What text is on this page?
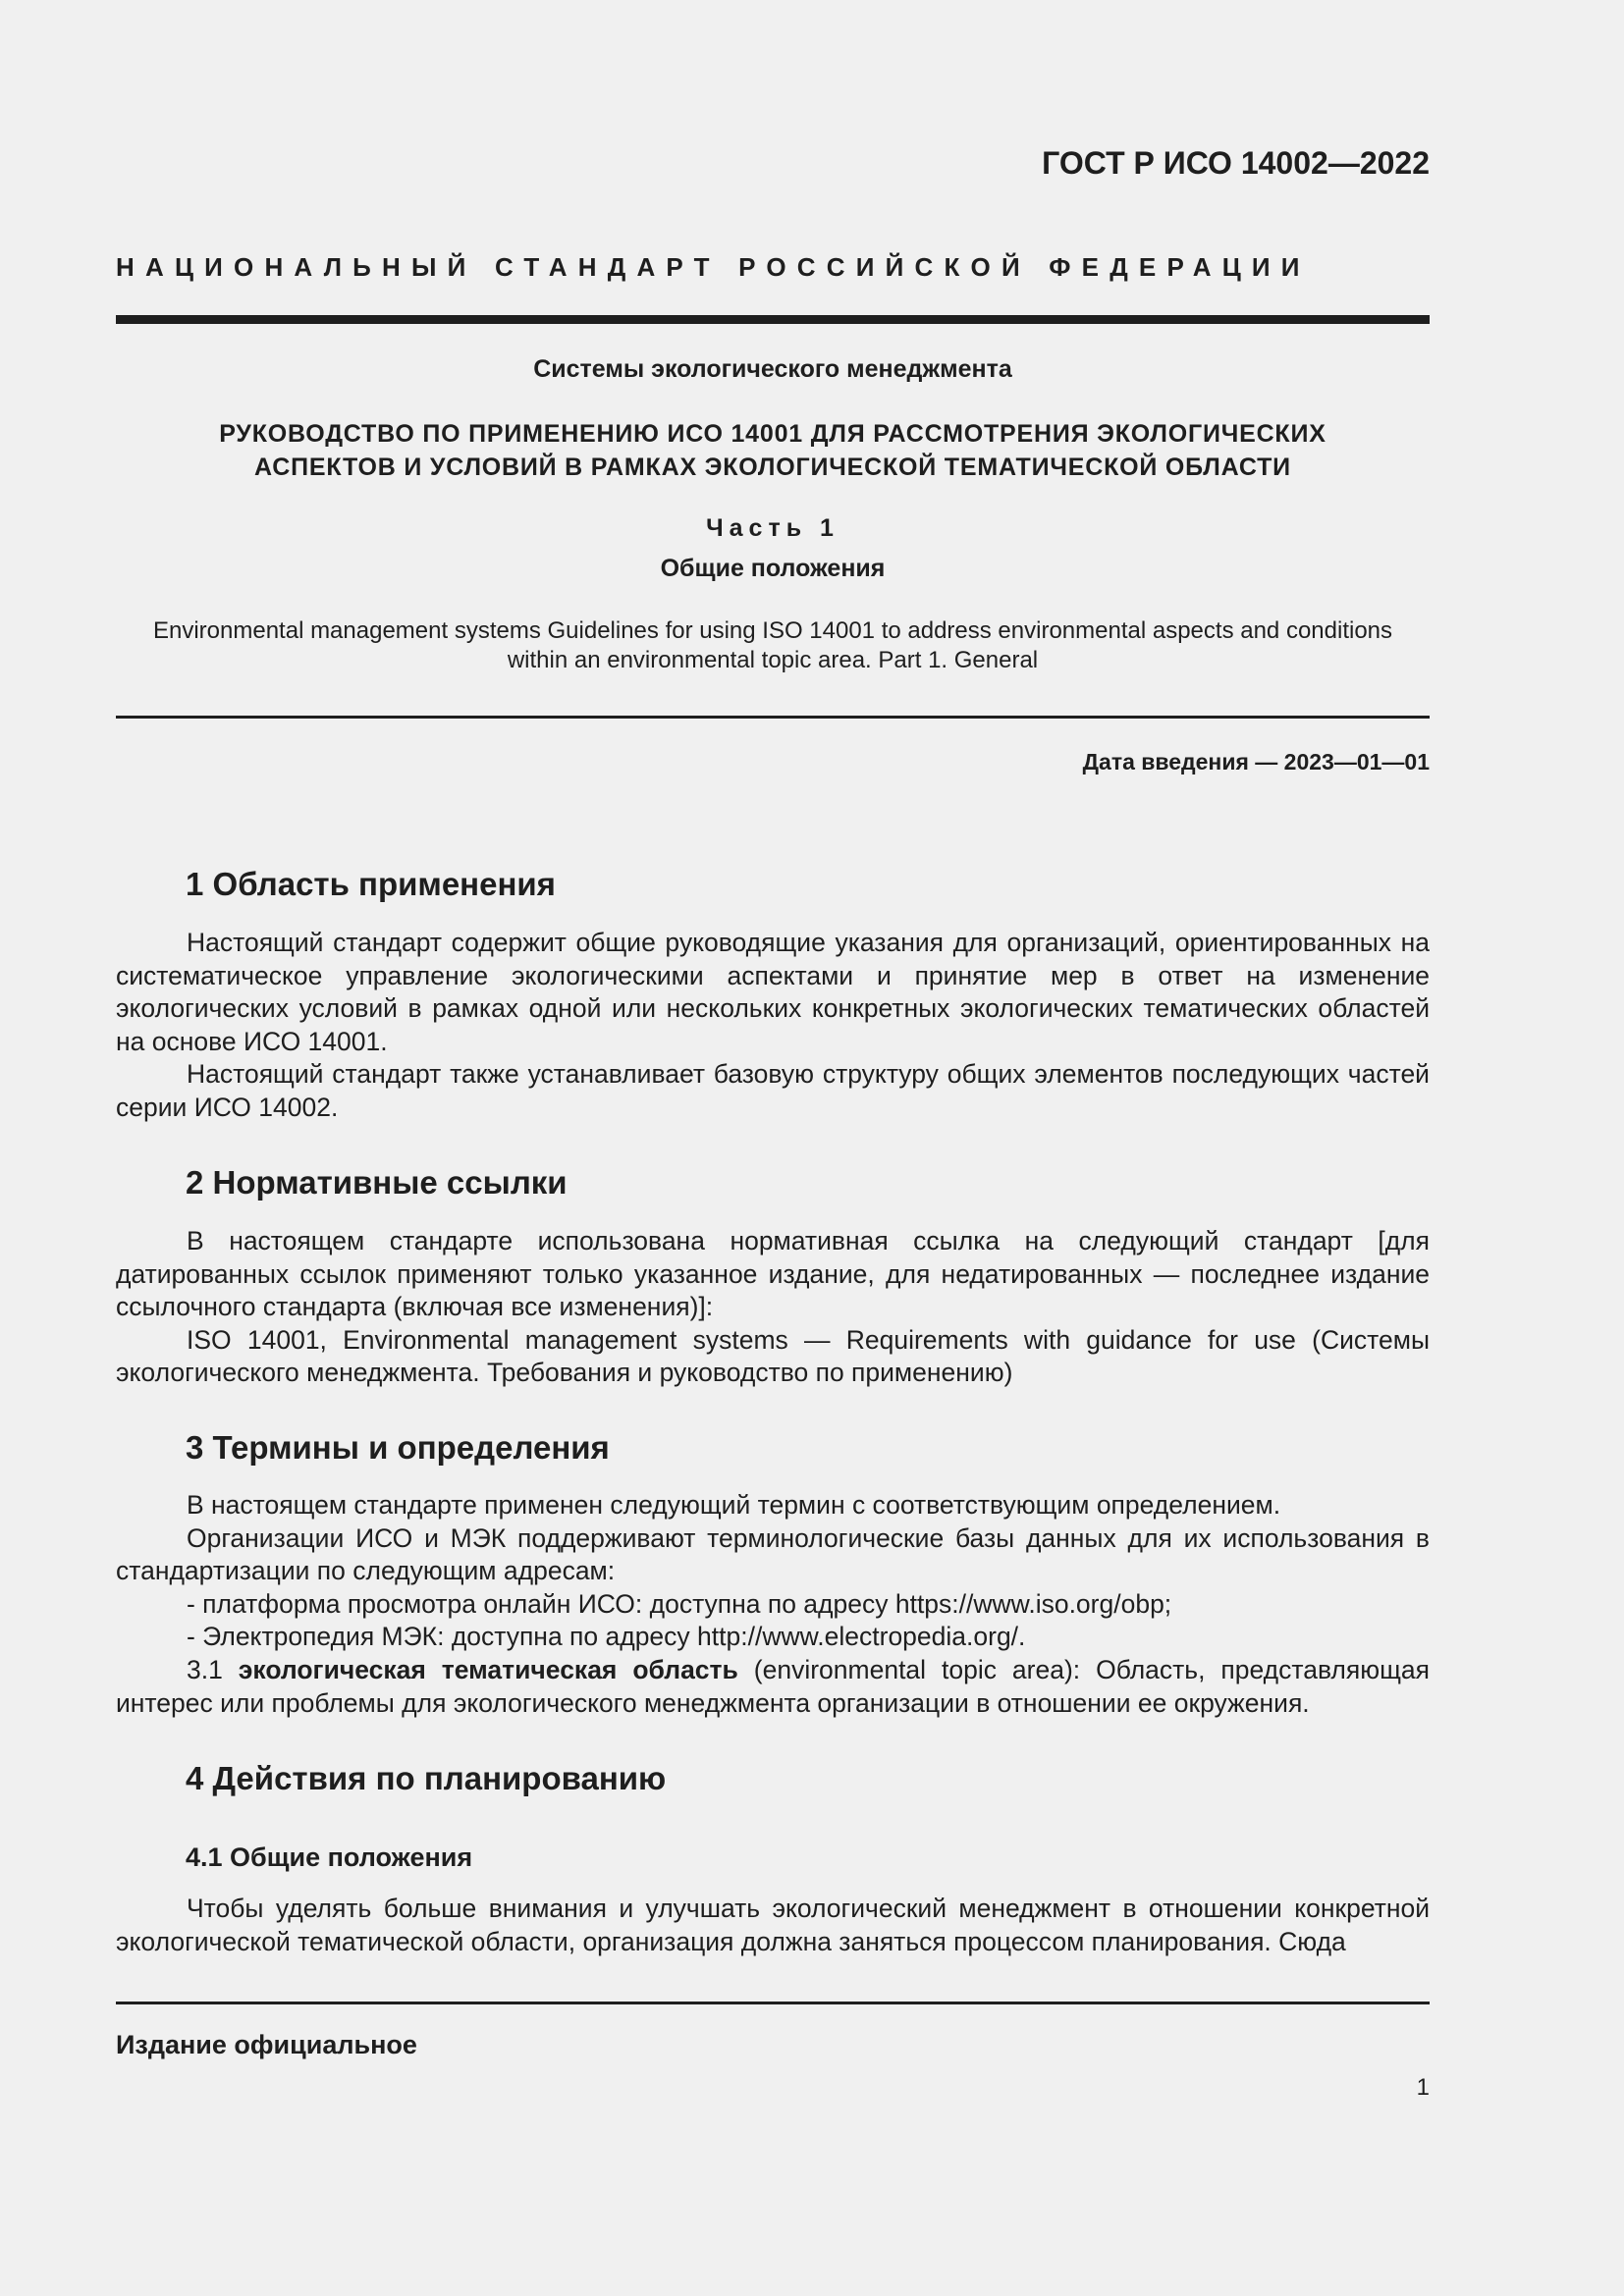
ГОСТ Р ИСО 14002—2022
НАЦИОНАЛЬНЫЙ СТАНДАРТ РОССИЙСКОЙ ФЕДЕРАЦИИ
Системы экологического менеджмента
РУКОВОДСТВО ПО ПРИМЕНЕНИЮ ИСО 14001 ДЛЯ РАССМОТРЕНИЯ ЭКОЛОГИЧЕСКИХ
АСПЕКТОВ И УСЛОВИЙ В РАМКАХ ЭКОЛОГИЧЕСКОЙ ТЕМАТИЧЕСКОЙ ОБЛАСТИ
Часть 1
Общие положения
Environmental management systems Guidelines for using ISO 14001 to address environmental aspects and conditions
within an environmental topic area. Part 1. General
Дата введения — 2023—01—01
1 Область применения

Настоящий стандарт содержит общие руководящие указания для организаций, ориентированных на систематическое управление экологическими аспектами и принятие мер в ответ на изменение экологических условий в рамках одной или нескольких конкретных экологических тематических областей на основе ИСО 14001.

Настоящий стандарт также устанавливает базовую структуру общих элементов последующих частей серии ИСО 14002.

2 Нормативные ссылки

В настоящем стандарте использована нормативная ссылка на следующий стандарт [для датированных ссылок применяют только указанное издание, для недатированных — последнее издание ссылочного стандарта (включая все изменения)]:

ISO 14001, Environmental management systems — Requirements with guidance for use (Системы экологического менеджмента. Требования и руководство по применению)

3 Термины и определения

В настоящем стандарте применен следующий термин с соответствующим определением.

Организации ИСО и МЭК поддерживают терминологические базы данных для их использования в стандартизации по следующим адресам:

- платформа просмотра онлайн ИСО: доступна по адресу https://www.iso.org/obp;

- Электропедия МЭК: доступна по адресу http://www.electropedia.org/.

3.1 экологическая тематическая область (environmental topic area): Область, представляющая интерес или проблемы для экологического менеджмента организации в отношении ее окружения.

4 Действия по планированию
4.1 Общие положения

Чтобы уделять больше внимания и улучшать экологический менеджмент в отношении конкретной экологической тематической области, организация должна заняться процессом планирования. Сюда

Издание официальное
1
